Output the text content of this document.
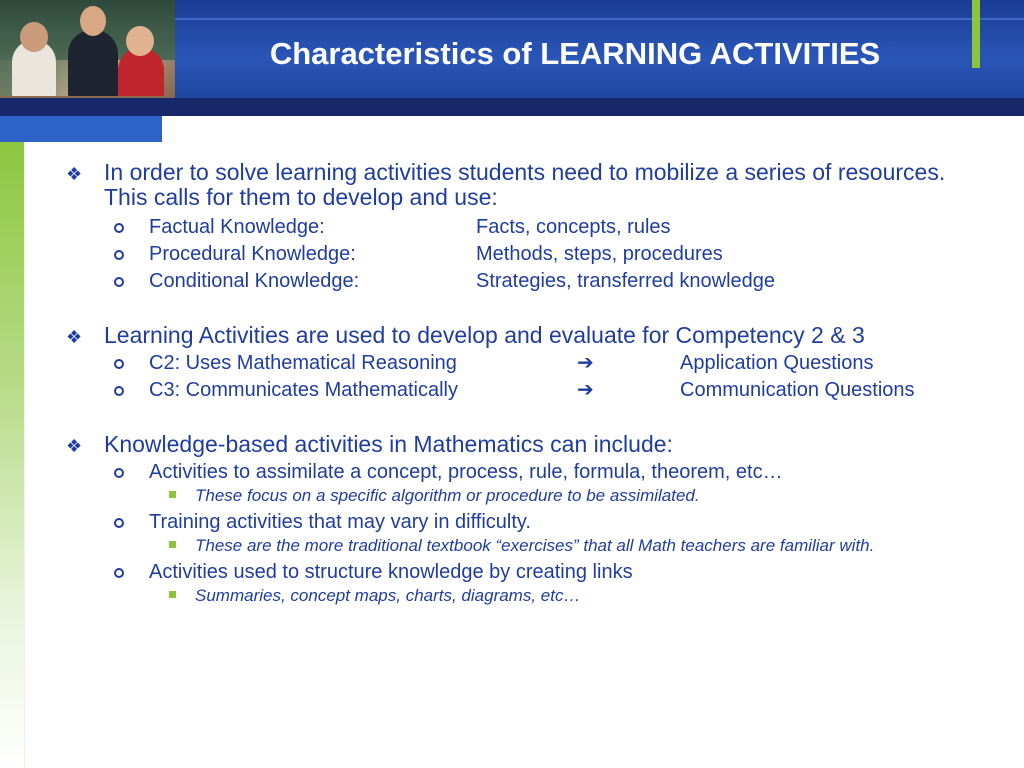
Characteristics of LEARNING ACTIVITIES
❖ In order to solve learning activities students need to mobilize a series of resources. This calls for them to develop and use:
Factual Knowledge:	Facts, concepts, rules
Procedural Knowledge:	Methods, steps, procedures
Conditional Knowledge:	Strategies, transferred knowledge
❖ Learning Activities are used to develop and evaluate for Competency 2 & 3
C2: Uses Mathematical Reasoning	➔	Application Questions
C3: Communicates Mathematically	➔	Communication Questions
❖ Knowledge-based activities in Mathematics can include:
Activities to assimilate a concept, process, rule, formula, theorem, etc…
These focus on a specific algorithm or procedure to be assimilated.
Training activities that may vary in difficulty.
These are the more traditional textbook “exercises” that all Math teachers are familiar with.
Activities used to structure knowledge by creating links
Summaries, concept maps, charts, diagrams, etc…
